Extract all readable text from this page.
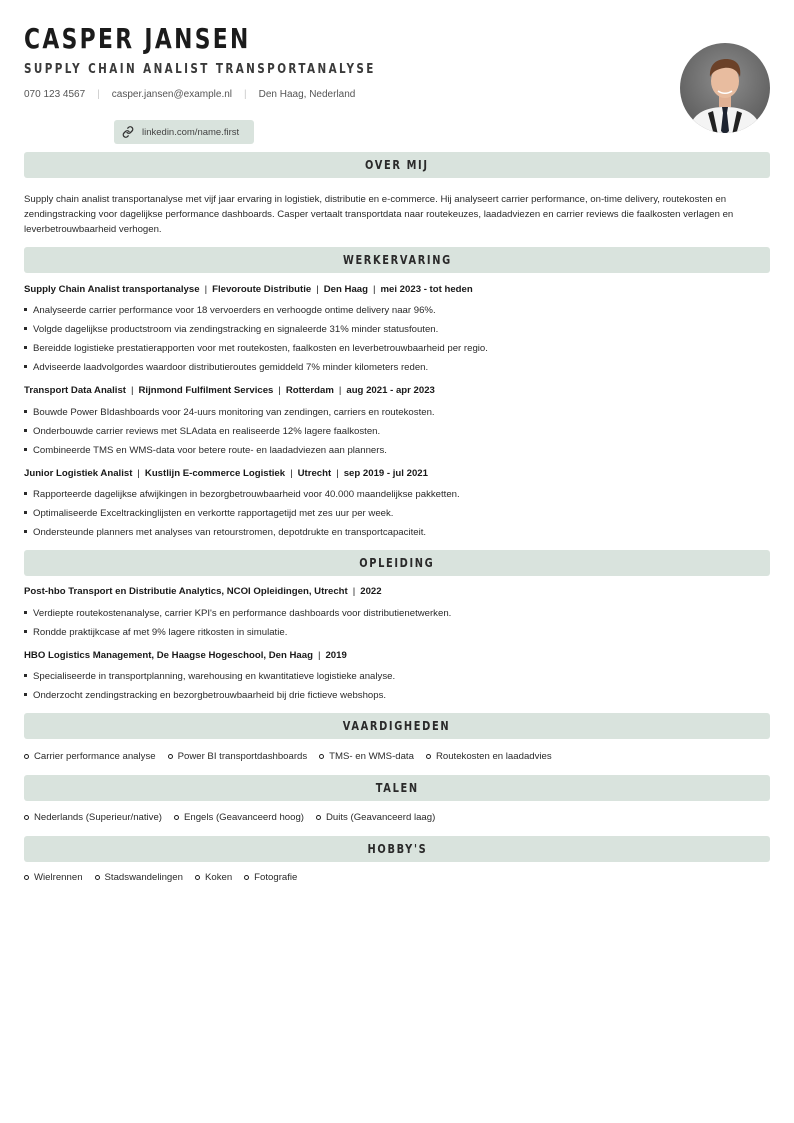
CASPER JANSEN
SUPPLY CHAIN ANALIST TRANSPORTANALYSE
070 123 4567 | casper.jansen@example.nl | Den Haag, Nederland
linkedin.com/name.first
OVER MIJ

Supply chain analist transportanalyse met vijf jaar ervaring in logistiek, distributie en e-commerce. Hij analyseert carrier performance, on-time delivery, routekosten en zendingstracking voor dagelijkse performance dashboards. Casper vertaalt transportdata naar routekeuzes, laadadviezen en carrier reviews die faalkosten verlagen en leverbetrouwbaarheid verhogen.

WERKERVARING

Supply Chain Analist transportanalyse | Flevoroute Distributie | Den Haag | mei 2023 - tot heden

Analyseerde carrier performance voor 18 vervoerders en verhoogde ontime delivery naar 96%.

Volgde dagelijkse productstroom via zendingstracking en signaleerde 31% minder statusfouten.

Bereidde logistieke prestatierapporten voor met routekosten, faalkosten en leverbetrouwbaarheid per regio.

Adviseerde laadvolgordes waardoor distributieroutes gemiddeld 7% minder kilometers reden.

Transport Data Analist | Rijnmond Fulfilment Services | Rotterdam | aug 2021 - apr 2023

Bouwde Power BIdashboards voor 24-uurs monitoring van zendingen, carriers en routekosten.

Onderbouwde carrier reviews met SLAdata en realiseerde 12% lagere faalkosten.

Combineerde TMS en WMS-data voor betere route- en laadadviezen aan planners.

Junior Logistiek Analist | Kustlijn E-commerce Logistiek | Utrecht | sep 2019 - jul 2021

Rapporteerde dagelijkse afwijkingen in bezorgbetrouwbaarheid voor 40.000 maandelijkse pakketten.

Optimaliseerde Exceltrackinglijsten en verkortte rapportagetijd met zes uur per week.

Ondersteunde planners met analyses van retourstromen, depotdrukte en transportcapaciteit.

OPLEIDING

Post-hbo Transport en Distributie Analytics, NCOI Opleidingen, Utrecht | 2022

Verdiepte routekostenanalyse, carrier KPI's en performance dashboards voor distributienetwerken.

Rondde praktijkcase af met 9% lagere ritkosten in simulatie.

HBO Logistics Management, De Haagse Hogeschool, Den Haag | 2019

Specialiseerde in transportplanning, warehousing en kwantitatieve logistieke analyse.

Onderzocht zendingstracking en bezorgbetrouwbaarheid bij drie fictieve webshops.

VAARDIGHEDEN
Carrier performance analyse Power BI transportdashboards TMS- en WMS-data Routekosten en laadadvies
TALEN
Nederlands (Superieur/native) Engels (Geavanceerd hoog) Duits (Geavanceerd laag)
HOBBY'S
Wielrennen Stadswandelingen Koken Fotografie
